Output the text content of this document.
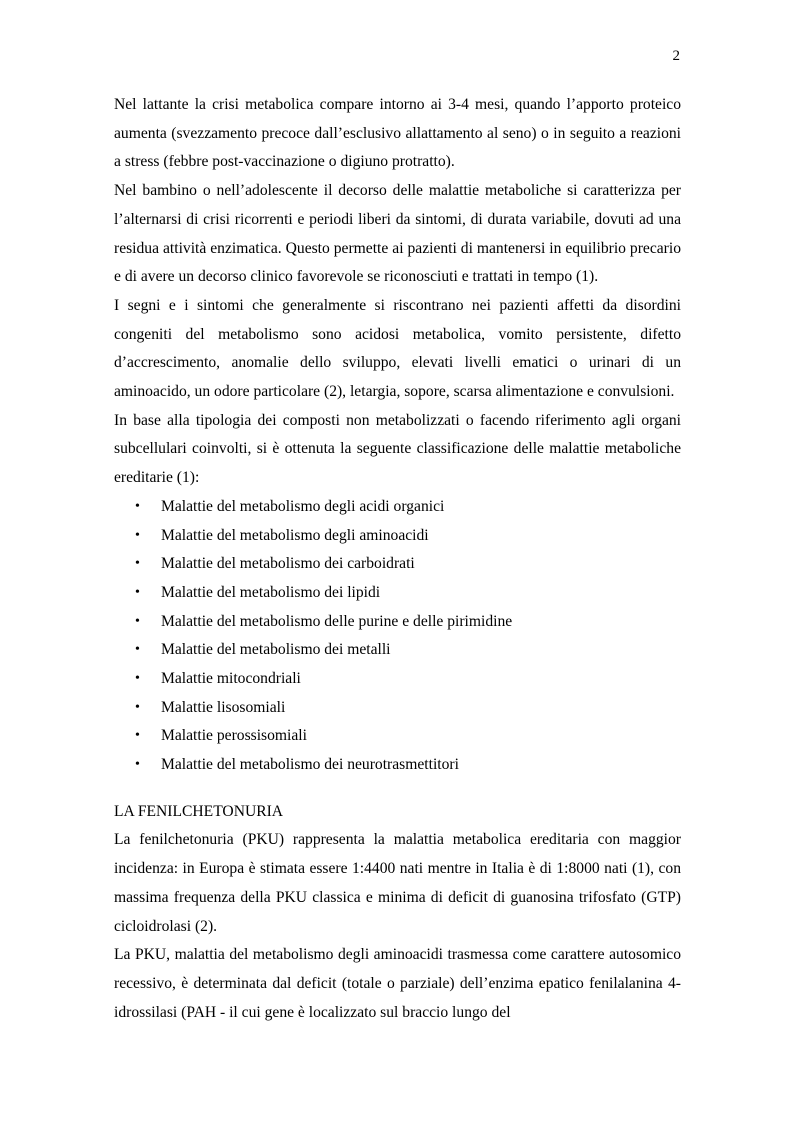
2

Nel lattante la crisi metabolica compare intorno ai 3-4 mesi, quando l’apporto proteico aumenta (svezzamento precoce dall’esclusivo allattamento al seno) o in seguito a reazioni a stress (febbre post-vaccinazione o digiuno protratto).

Nel bambino o nell’adolescente il decorso delle malattie metaboliche si caratterizza per l’alternarsi di crisi ricorrenti e periodi liberi da sintomi, di durata variabile, dovuti ad una residua attività enzimatica. Questo permette ai pazienti di mantenersi in equilibrio precario e di avere un decorso clinico favorevole se riconosciuti e trattati in tempo (1).

I segni e i sintomi che generalmente si riscontrano nei pazienti affetti da disordini congeniti del metabolismo sono acidosi metabolica, vomito persistente, difetto d’accrescimento, anomalie dello sviluppo, elevati livelli ematici o urinari di un aminoacido, un odore particolare (2), letargia, sopore, scarsa alimentazione e convulsioni.

In base alla tipologia dei composti non metabolizzati o facendo riferimento agli organi subcellulari coinvolti, si è ottenuta la seguente classificazione delle malattie metaboliche ereditarie (1):

• Malattie del metabolismo degli acidi organici
• Malattie del metabolismo degli aminoacidi
• Malattie del metabolismo dei carboidrati
• Malattie del metabolismo dei lipidi
• Malattie del metabolismo delle purine e delle pirimidine
• Malattie del metabolismo dei metalli
• Malattie mitocondriali
• Malattie lisosomiali
• Malattie perossisomiali
• Malattie del metabolismo dei neurotrasmettitori

LA FENILCHETONURIA

La fenilchetonuria (PKU) rappresenta la malattia metabolica ereditaria con maggior incidenza: in Europa è stimata essere 1:4400 nati mentre in Italia è di 1:8000 nati (1), con massima frequenza della PKU classica e minima di deficit di guanosina trifosfato (GTP) cicloidrolasi (2).

La PKU, malattia del metabolismo degli aminoacidi trasmessa come carattere autosomico recessivo, è determinata dal deficit (totale o parziale) dell’enzima epatico fenilalanina 4-idrossilasi (PAH - il cui gene è localizzato sul braccio lungo del
